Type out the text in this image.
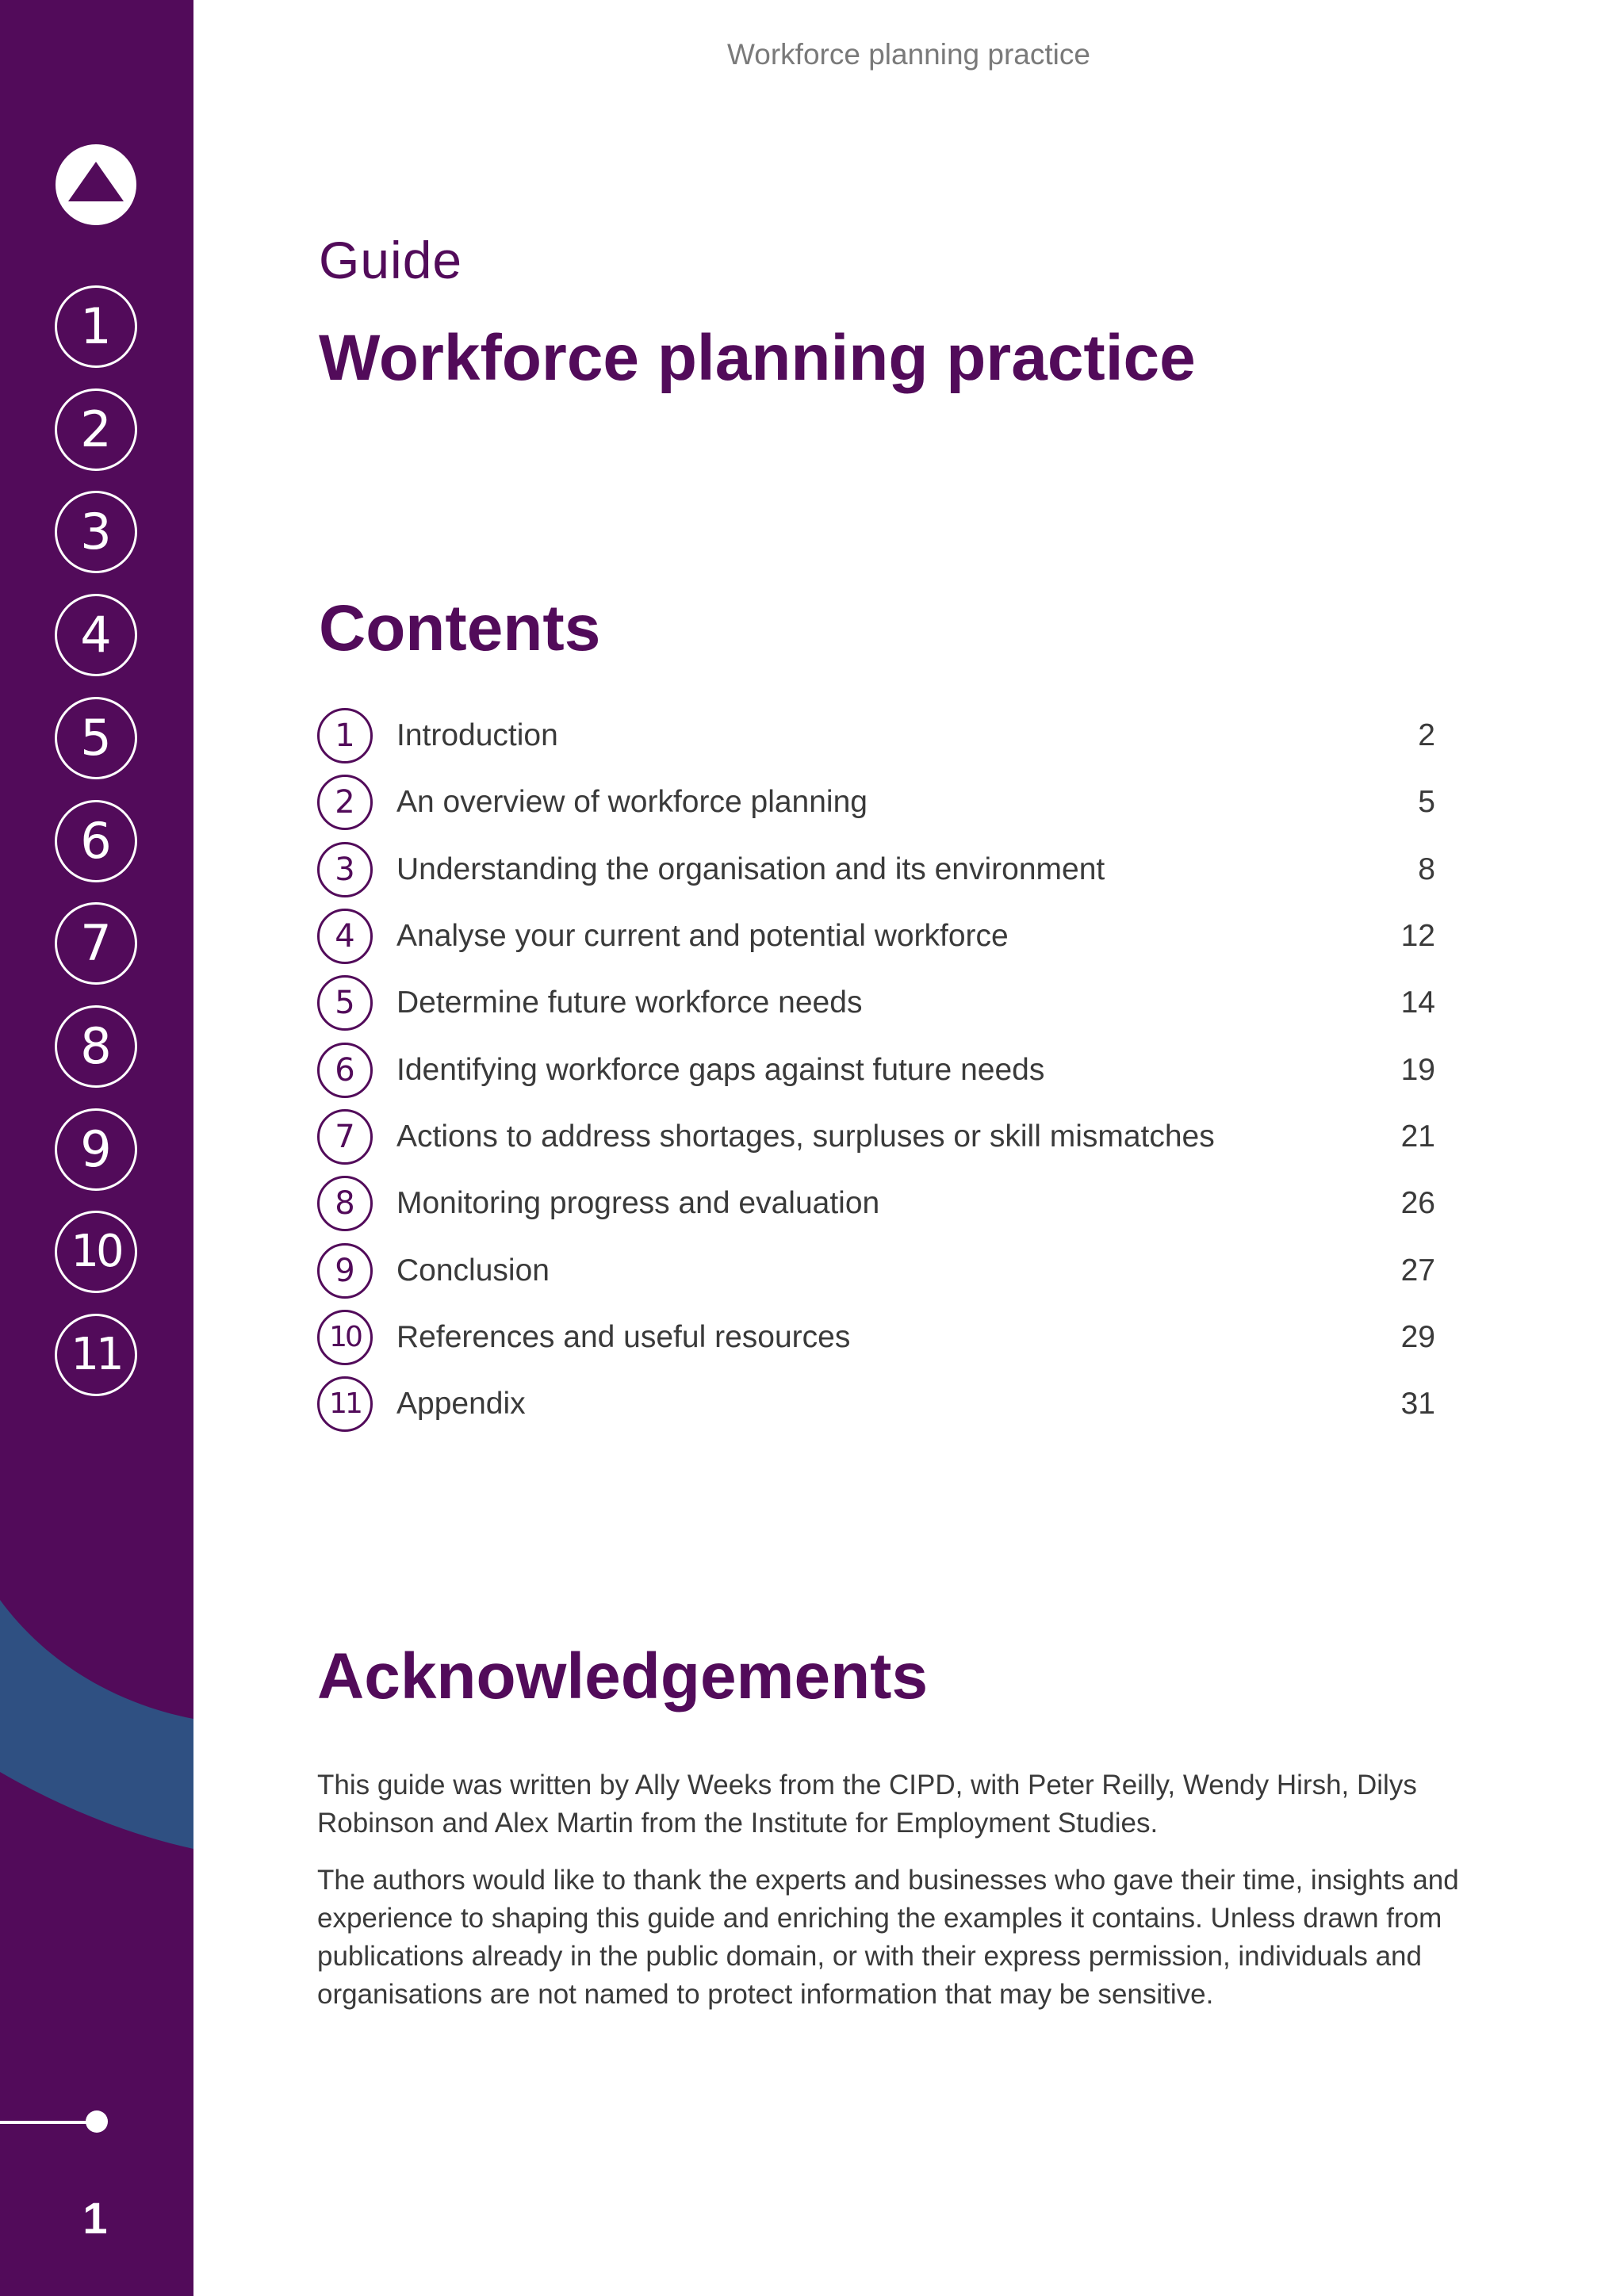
1
2
3
4
5
6
7
8
9
10
11
1
Workforce planning practice
Guide
Workforce planning practice
Contents
1	Introduction	2
2	An overview of workforce planning	5
3	Understanding the organisation and its environment	8
4	Analyse your current and potential workforce	12
5	Determine future workforce needs	14
6	Identifying workforce gaps against future needs	19
7	Actions to address shortages, surpluses or skill mismatches	21
8	Monitoring progress and evaluation	26
9	Conclusion	27
10	References and useful resources	29
11	Appendix	31
Acknowledgements

This guide was written by Ally Weeks from the CIPD, with Peter Reilly, Wendy Hirsh, Dilys Robinson and Alex Martin from the Institute for Employment Studies.

The authors would like to thank the experts and businesses who gave their time, insights and experience to shaping this guide and enriching the examples it contains. Unless drawn from publications already in the public domain, or with their express permission, individuals and organisations are not named to protect information that may be sensitive.
